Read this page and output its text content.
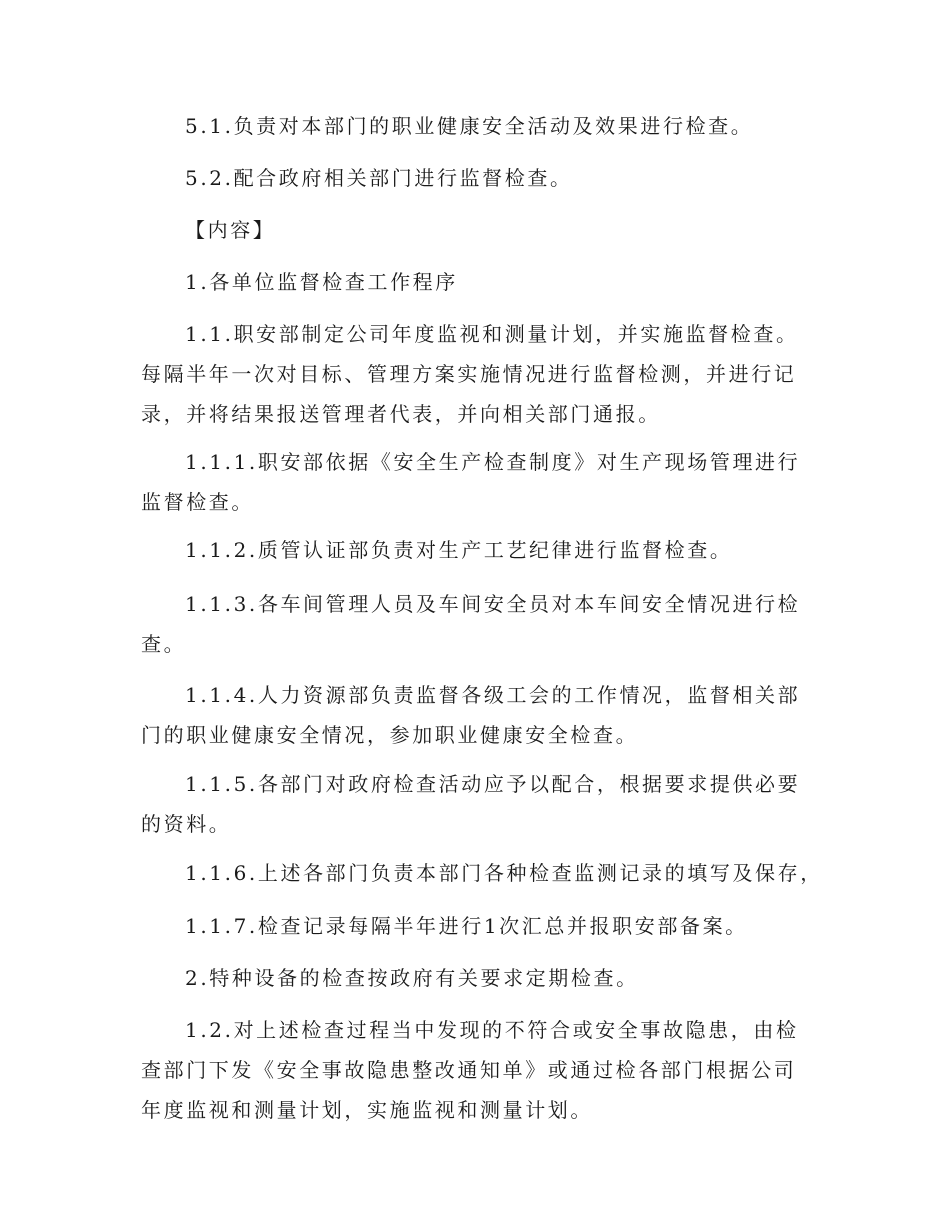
5.1.负责对本部门的职业健康安全活动及效果进行检查。

5.2.配合政府相关部门进行监督检查。

【内容】

1.各单位监督检查工作程序

1.1.职安部制定公司年度监视和测量计划，并实施监督检查。每隔半年一次对目标、管理方案实施情况进行监督检测，并进行记录，并将结果报送管理者代表，并向相关部门通报。

1.1.1.职安部依据《安全生产检查制度》对生产现场管理进行监督检查。

1.1.2.质管认证部负责对生产工艺纪律进行监督检查。

1.1.3.各车间管理人员及车间安全员对本车间安全情况进行检查。

1.1.4.人力资源部负责监督各级工会的工作情况，监督相关部门的职业健康安全情况，参加职业健康安全检查。

1.1.5.各部门对政府检查活动应予以配合，根据要求提供必要的资料。

1.1.6.上述各部门负责本部门各种检查监测记录的填写及保存，

1.1.7.检查记录每隔半年进行1次汇总并报职安部备案。

2.特种设备的检查按政府有关要求定期检查。

1.2.对上述检查过程当中发现的不符合或安全事故隐患，由检查部门下发《安全事故隐患整改通知单》或通过检各部门根据公司年度监视和测量计划，实施监视和测量计划。
